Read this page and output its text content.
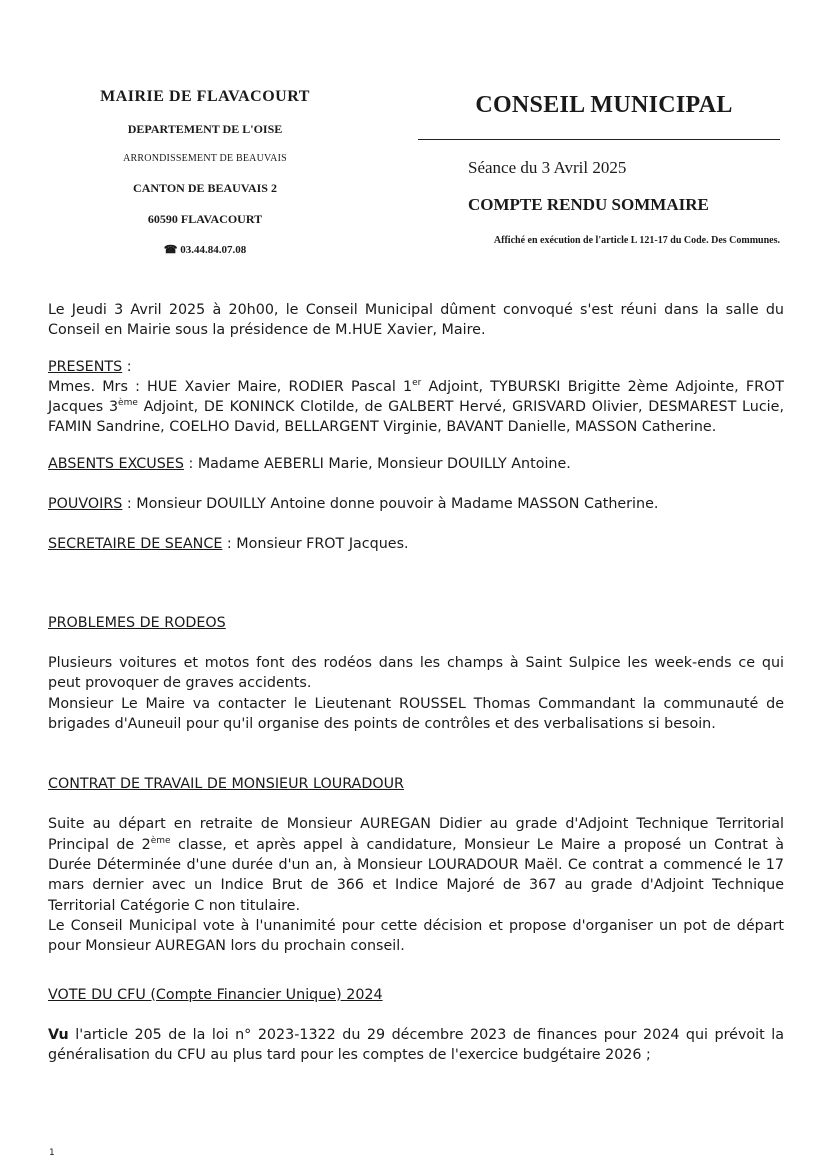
MAIRIE DE FLAVACOURT
DEPARTEMENT DE L'OISE
ARRONDISSEMENT DE BEAUVAIS
CANTON DE BEAUVAIS 2
60590 FLAVACOURT
☎ 03.44.84.07.08
CONSEIL MUNICIPAL
Séance du 3 Avril 2025
COMPTE RENDU SOMMAIRE
Affiché en exécution de l'article L 121-17 du Code. Des Communes.

Le Jeudi 3 Avril 2025 à 20h00, le Conseil Municipal dûment convoqué s'est réuni dans la salle du Conseil en Mairie sous la présidence de M.HUE Xavier, Maire.

PRESENTS :

Mmes. Mrs : HUE Xavier Maire, RODIER Pascal 1er Adjoint, TYBURSKI Brigitte 2ème Adjointe, FROT Jacques 3ème Adjoint, DE KONINCK Clotilde, de GALBERT Hervé, GRISVARD Olivier, DESMAREST Lucie, FAMIN Sandrine, COELHO David, BELLARGENT Virginie, BAVANT Danielle, MASSON Catherine.

ABSENTS EXCUSES : Madame AEBERLI Marie, Monsieur DOUILLY Antoine.

POUVOIRS : Monsieur DOUILLY Antoine donne pouvoir à Madame MASSON Catherine.

SECRETAIRE DE SEANCE : Monsieur FROT Jacques.

PROBLEMES DE RODEOS

Plusieurs voitures et motos font des rodéos dans les champs à Saint Sulpice les week-ends ce qui peut provoquer de graves accidents.

Monsieur Le Maire va contacter le Lieutenant ROUSSEL Thomas Commandant la communauté de brigades d'Auneuil pour qu'il organise des points de contrôles et des verbalisations si besoin.

CONTRAT DE TRAVAIL DE MONSIEUR LOURADOUR

Suite au départ en retraite de Monsieur AUREGAN Didier au grade d'Adjoint Technique Territorial Principal de 2ème classe, et après appel à candidature, Monsieur Le Maire a proposé un Contrat à Durée Déterminée d'une durée d'un an, à Monsieur LOURADOUR Maël. Ce contrat a commencé le 17 mars dernier avec un Indice Brut de 366 et Indice Majoré de 367 au grade d'Adjoint Technique Territorial Catégorie C non titulaire.

Le Conseil Municipal vote à l'unanimité pour cette décision et propose d'organiser un pot de départ pour Monsieur AUREGAN lors du prochain conseil.

VOTE DU CFU (Compte Financier Unique) 2024

Vu l'article 205 de la loi n° 2023-1322 du 29 décembre 2023 de finances pour 2024 qui prévoit la généralisation du CFU au plus tard pour les comptes de l'exercice budgétaire 2026 ;

1
